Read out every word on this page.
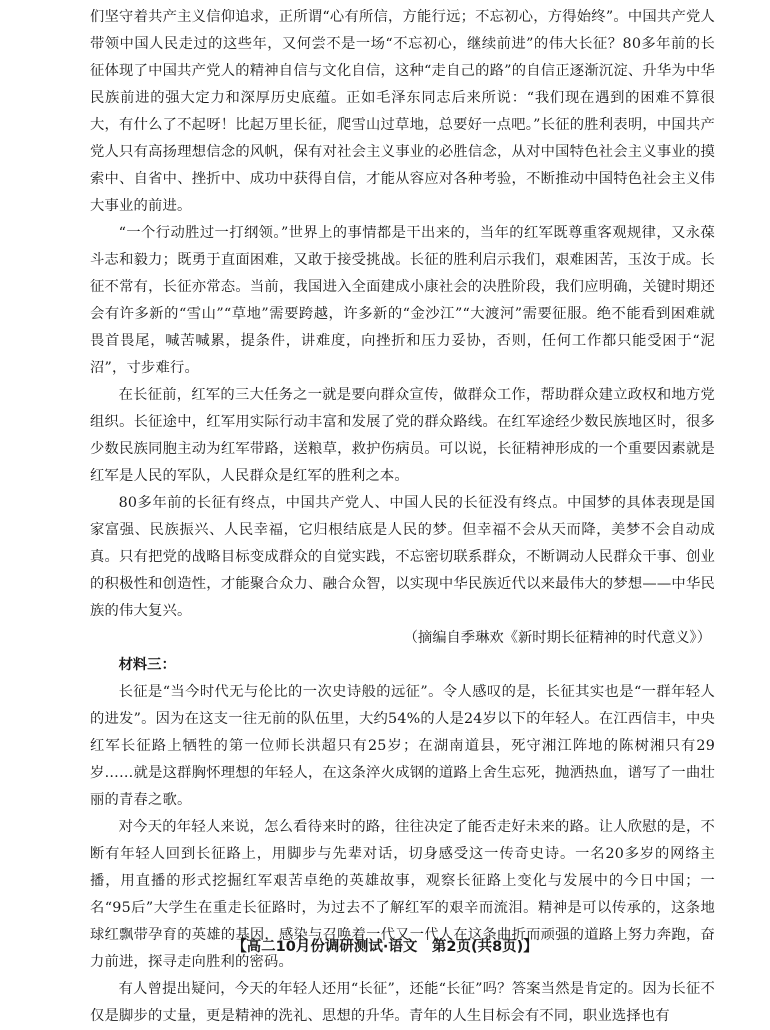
们坚守着共产主义信仰追求，正所谓“心有所信，方能行远；不忘初心，方得始终”。中国共产党人带领中国人民走过的这些年，又何尝不是一场“不忘初心，继续前进”的伟大长征？80多年前的长征体现了中国共产党人的精神自信与文化自信，这种“走自己的路”的自信正逐渐沉淀、升华为中华民族前进的强大定力和深厚历史底蕴。正如毛泽东同志后来所说：“我们现在遇到的困难不算很大，有什么了不起呀！比起万里长征，爬雪山过草地，总要好一点吧。”长征的胜利表明，中国共产党人只有高扬理想信念的风帆，保有对社会主义事业的必胜信念，从对中国特色社会主义事业的摸索中、自省中、挫折中、成功中获得自信，才能从容应对各种考验，不断推动中国特色社会主义伟大事业的前进。

“一个行动胜过一打纲领。”世界上的事情都是干出来的，当年的红军既尊重客观规律，又永葆斗志和毅力；既勇于直面困难，又敢于接受挑战。长征的胜利启示我们，艰难困苦，玉汝于成。长征不常有，长征亦常态。当前，我国进入全面建成小康社会的决胜阶段，我们应明确，关键时期还会有许多新的“雪山”“草地”需要跨越，许多新的“金沙江”“大渡河”需要征服。绝不能看到困难就畏首畏尾，喊苦喊累，提条件，讲难度，向挫折和压力妥协，否则，任何工作都只能受困于“泥沼”，寸步难行。

在长征前，红军的三大任务之一就是要向群众宣传，做群众工作，帮助群众建立政权和地方党组织。长征途中，红军用实际行动丰富和发展了党的群众路线。在红军途经少数民族地区时，很多少数民族同胞主动为红军带路，送粮草，救护伤病员。可以说，长征精神形成的一个重要因素就是红军是人民的军队，人民群众是红军的胜利之本。

80多年前的长征有终点，中国共产党人、中国人民的长征没有终点。中国梦的具体表现是国家富强、民族振兴、人民幸福，它归根结底是人民的梦。但幸福不会从天而降，美梦不会自动成真。只有把党的战略目标变成群众的自觉实践，不忘密切联系群众，不断调动人民群众干事、创业的积极性和创造性，才能聚合众力、融合众智，以实现中华民族近代以来最伟大的梦想——中华民族的伟大复兴。

（摘编自季琳欢《新时期长征精神的时代意义》）

材料三：

长征是“当今时代无与伦比的一次史诗般的远征”。令人感叹的是，长征其实也是“一群年轻人的进发”。因为在这支一往无前的队伍里，大约54%的人是24岁以下的年轻人。在江西信丰，中央红军长征路上牺牲的第一位师长洪超只有25岁；在湖南道县，死守湘江阵地的陈树湘只有29岁……就是这群胸怀理想的年轻人，在这条淬火成钢的道路上舍生忘死，抛洒热血，谱写了一曲壮丽的青春之歌。

对今天的年轻人来说，怎么看待来时的路，往往决定了能否走好未来的路。让人欣慰的是，不断有年轻人回到长征路上，用脚步与先辈对话，切身感受这一传奇史诗。一名20多岁的网络主播，用直播的形式挖掘红军艰苦卓绝的英雄故事，观察长征路上变化与发展中的今日中国；一名“95后”大学生在重走长征路时，为过去不了解红军的艰辛而流泪。精神是可以传承的，这条地球红飘带孕育的英雄的基因，感染与召唤着一代又一代人在这条曲折而顽强的道路上努力奔跑，奋力前进，探寻走向胜利的密码。

有人曾提出疑问，今天的年轻人还用“长征”，还能“长征”吗？答案当然是肯定的。因为长征不仅是脚步的丈量，更是精神的洗礼、思想的升华。青年的人生目标会有不同，职业选择也有

【高二10月份调研测试·语文　第2页(共8页)】
